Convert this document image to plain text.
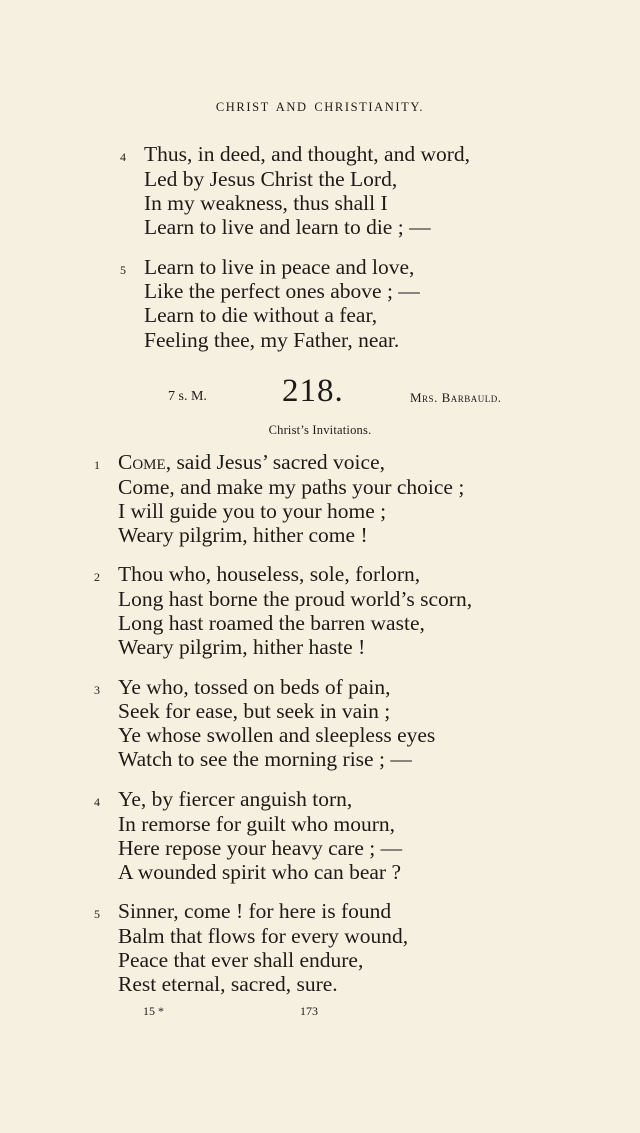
CHRIST AND CHRISTIANITY.
4 Thus, in deed, and thought, and word,
Led by Jesus Christ the Lord,
In my weakness, thus shall I
Learn to live and learn to die ; —
5 Learn to live in peace and love,
Like the perfect ones above ; —
Learn to die without a fear,
Feeling thee, my Father, near.
7 s. M. 218.	Mrs. Barbauld.
Christ’s Invitations.
1 Come, said Jesus’ sacred voice,
Come, and make my paths your choice ;
I will guide you to your home ;
Weary pilgrim, hither come !
2 Thou who, houseless, sole, forlorn,
Long hast borne the proud world’s scorn,
Long hast roamed the barren waste,
Weary pilgrim, hither haste !
3 Ye who, tossed on beds of pain,
Seek for ease, but seek in vain ;
Ye whose swollen and sleepless eyes
Watch to see the morning rise ; —
4 Ye, by fiercer anguish torn,
In remorse for guilt who mourn,
Here repose your heavy care ; —
A wounded spirit who can bear ?
5 Sinner, come ! for here is found
Balm that flows for every wound,
Peace that ever shall endure,
Rest eternal, sacred, sure.
15 *	173
